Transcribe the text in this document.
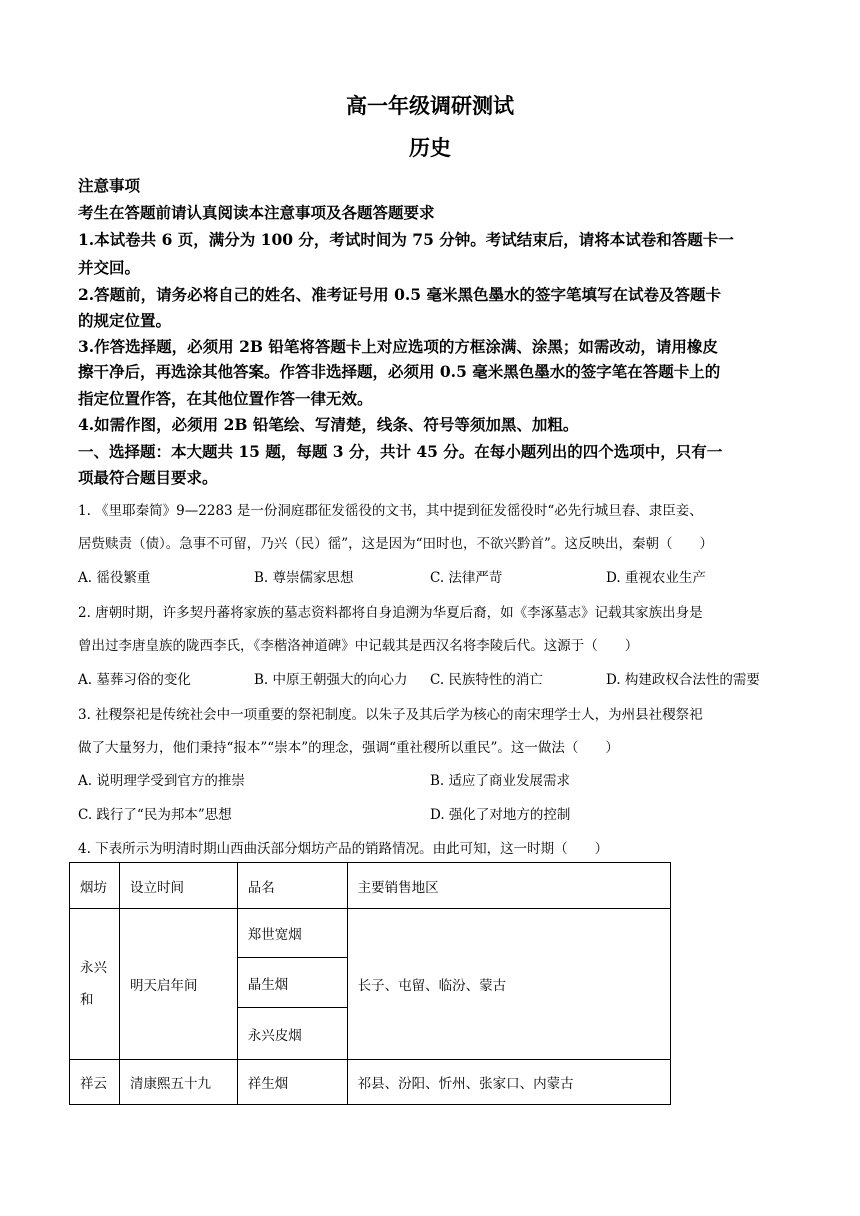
高一年级调研测试
历史
注意事项
考生在答题前请认真阅读本注意事项及各题答题要求
1.本试卷共 6 页，满分为 100 分，考试时间为 75 分钟。考试结束后，请将本试卷和答题卡一
并交回。
2.答题前，请务必将自己的姓名、准考证号用 0.5 毫米黑色墨水的签字笔填写在试卷及答题卡
的规定位置。
3.作答选择题，必须用 2B 铅笔将答题卡上对应选项的方框涂满、涂黑；如需改动，请用橡皮
擦干净后，再选涂其他答案。作答非选择题，必须用 0.5 毫米黑色墨水的签字笔在答题卡上的
指定位置作答，在其他位置作答一律无效。
4.如需作图，必须用 2B 铅笔绘、写清楚，线条、符号等须加黑、加粗。
一、选择题：本大题共 15 题，每题 3 分，共计 45 分。在每小题列出的四个选项中，只有一
项最符合题目要求。
1. 《里耶秦简》9—2283 是一份洞庭郡征发徭役的文书，其中提到征发徭役时“必先行城旦舂、隶臣妾、
居赀赎责（债）。急事不可留，乃兴（民）徭”，这是因为“田时也，不欲兴黔首”。这反映出，秦朝（　　）
A. 徭役繁重	B. 尊崇儒家思想	C. 法律严苛	D. 重视农业生产
2. 唐朝时期，许多契丹蕃将家族的墓志资料都将自身追溯为华夏后裔，如《李涿墓志》记载其家族出身是
曾出过李唐皇族的陇西李氏，《李楷洛神道碑》中记载其是西汉名将李陵后代。这源于（　　）
A. 墓葬习俗的变化	B. 中原王朝强大的向心力 C. 民族特性的消亡	D. 构建政权合法性的需要
3. 社稷祭祀是传统社会中一项重要的祭祀制度。以朱子及其后学为核心的南宋理学士人，为州县社稷祭祀
做了大量努力，他们秉持“报本”“崇本”的理念，强调“重社稷所以重民”。这一做法（　　）
A. 说明理学受到官方的推崇	B. 适应了商业发展需求
C. 践行了“民为邦本”思想	D. 强化了对地方的控制
4. 下表所示为明清时期山西曲沃部分烟坊产品的销路情况。由此可知，这一时期（　　）
烟坊	设立时间	品名	主要销售地区
永兴
和	明天启年间	郑世宽烟	长子、屯留、临汾、蒙古
		晶生烟	
		永兴皮烟	
祥云	清康熙五十九	祥生烟	祁县、汾阳、忻州、张家口、内蒙古
